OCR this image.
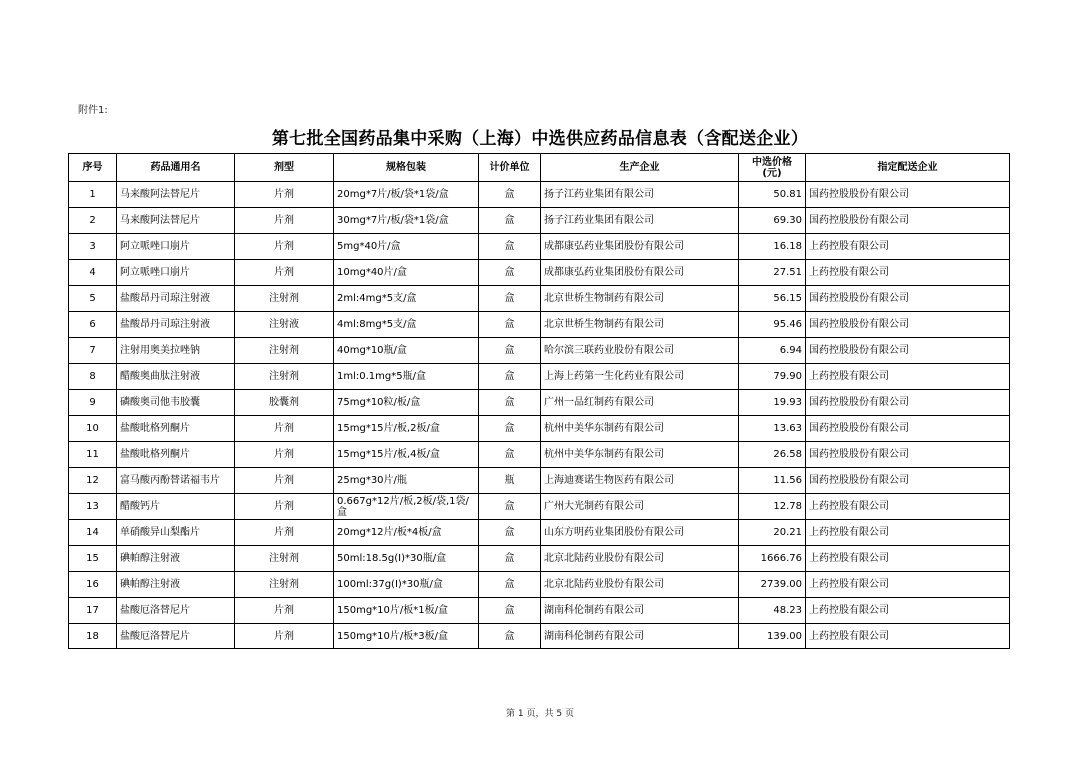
附件1:
第七批全国药品集中采购（上海）中选供应药品信息表（含配送企业）
序号	药品通用名	剂型	规格包装	计价单位	生产企业	中选价格 (元)	指定配送企业
1	马来酸阿法替尼片	片剂	20mg*7片/板/袋*1袋/盒	盒	扬子江药业集团有限公司	50.81	国药控股股份有限公司
2	马来酸阿法替尼片	片剂	30mg*7片/板/袋*1袋/盒	盒	扬子江药业集团有限公司	69.30	国药控股股份有限公司
3	阿立哌唑口崩片	片剂	5mg*40片/盒	盒	成都康弘药业集团股份有限公司	16.18	上药控股有限公司
4	阿立哌唑口崩片	片剂	10mg*40片/盒	盒	成都康弘药业集团股份有限公司	27.51	上药控股有限公司
5	盐酸昂丹司琼注射液	注射剂	2ml:4mg*5支/盒	盒	北京世桥生物制药有限公司	56.15	国药控股股份有限公司
6	盐酸昂丹司琼注射液	注射液	4ml:8mg*5支/盒	盒	北京世桥生物制药有限公司	95.46	国药控股股份有限公司
7	注射用奥美拉唑钠	注射剂	40mg*10瓶/盒	盒	哈尔滨三联药业股份有限公司	6.94	国药控股股份有限公司
8	醋酸奥曲肽注射液	注射剂	1ml:0.1mg*5瓶/盒	盒	上海上药第一生化药业有限公司	79.90	上药控股有限公司
9	磷酸奥司他韦胶囊	胶囊剂	75mg*10粒/板/盒	盒	广州一品红制药有限公司	19.93	国药控股股份有限公司
10	盐酸吡格列酮片	片剂	15mg*15片/板,2板/盒	盒	杭州中美华东制药有限公司	13.63	国药控股股份有限公司
11	盐酸吡格列酮片	片剂	15mg*15片/板,4板/盒	盒	杭州中美华东制药有限公司	26.58	国药控股股份有限公司
12	富马酸丙酚替诺福韦片	片剂	25mg*30片/瓶	瓶	上海迪赛诺生物医药有限公司	11.56	国药控股股份有限公司
13	醋酸钙片	片剂	0.667g*12片/板,2板/袋,1袋/盒	盒	广州大光制药有限公司	12.78	上药控股有限公司
14	单硝酸异山梨酯片	片剂	20mg*12片/板*4板/盒	盒	山东方明药业集团股份有限公司	20.21	上药控股有限公司
15	碘帕醇注射液	注射剂	50ml:18.5g(I)*30瓶/盒	盒	北京北陆药业股份有限公司	1666.76	上药控股有限公司
16	碘帕醇注射液	注射剂	100ml:37g(I)*30瓶/盒	盒	北京北陆药业股份有限公司	2739.00	上药控股有限公司
17	盐酸厄洛替尼片	片剂	150mg*10片/板*1板/盒	盒	湖南科伦制药有限公司	48.23	上药控股有限公司
18	盐酸厄洛替尼片	片剂	150mg*10片/板*3板/盒	盒	湖南科伦制药有限公司	139.00	上药控股有限公司
第 1 页，共 5 页
